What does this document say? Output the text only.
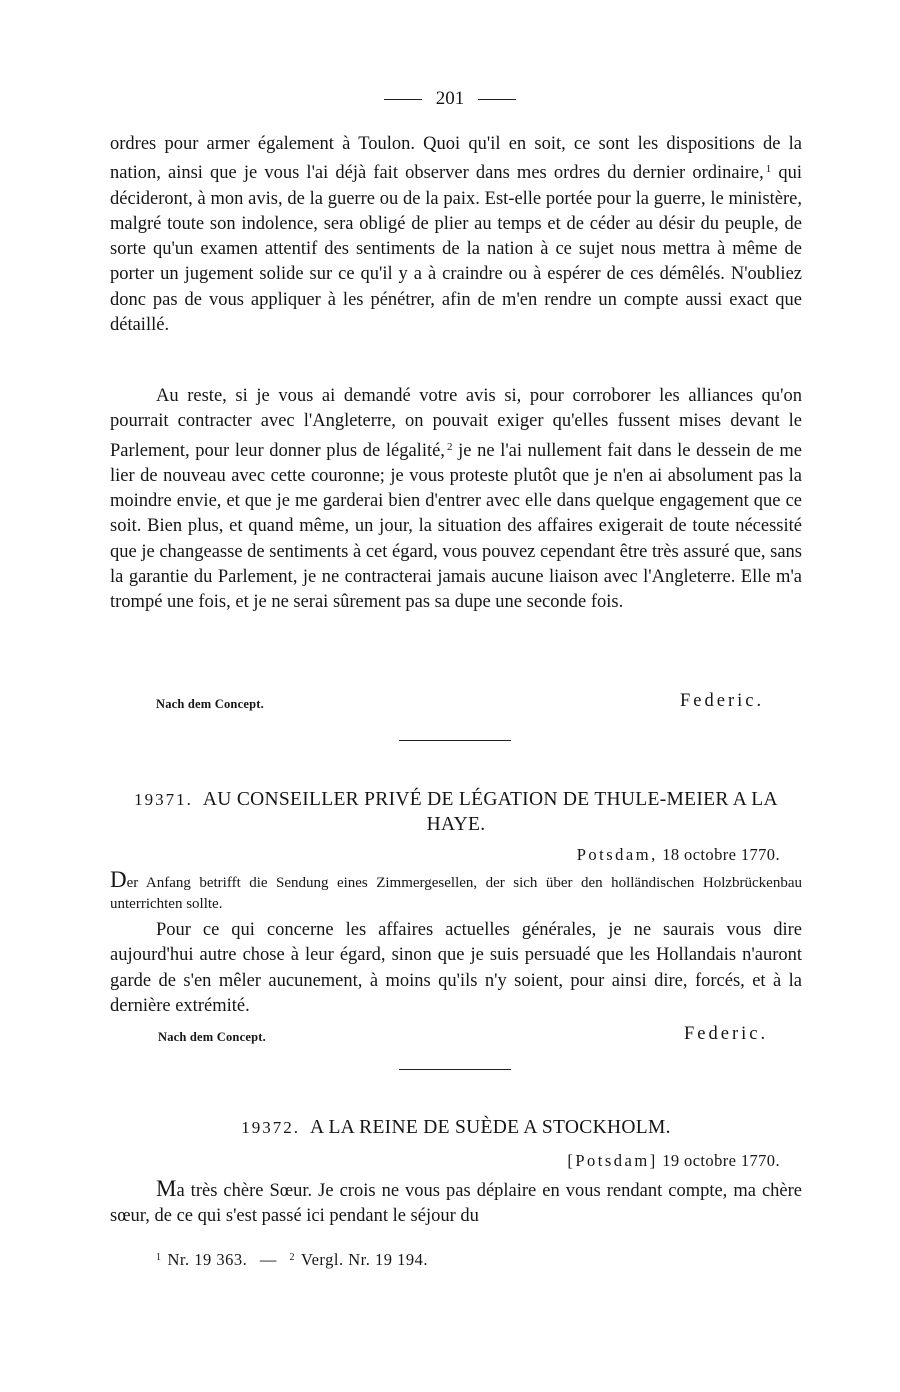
201

ordres pour armer également à Toulon. Quoi qu'il en soit, ce sont les dispositions de la nation, ainsi que je vous l'ai déjà fait observer dans mes ordres du dernier ordinaire, $^1$ qui décideront, à mon avis, de la guerre ou de la paix. Est-elle portée pour la guerre, le ministère, malgré toute son indolence, sera obligé de plier au temps et de céder au désir du peuple, de sorte qu'un examen attentif des sentiments de la nation à ce sujet nous mettra à même de porter un jugement solide sur ce qu'il y a à craindre ou à espérer de ces démêlés. N'oubliez donc pas de vous appliquer à les pénétrer, afin de m'en rendre un compte aussi exact que détaillé.

Au reste, si je vous ai demandé votre avis si, pour corroborer les alliances qu'on pourrait contracter avec l'Angleterre, on pouvait exiger qu'elles fussent mises devant le Parlement, pour leur donner plus de légalité, $^2$ je ne l'ai nullement fait dans le dessein de me lier de nouveau avec cette couronne; je vous proteste plutôt que je n'en ai absolument pas la moindre envie, et que je me garderai bien d'entrer avec elle dans quelque engagement que ce soit. Bien plus, et quand même, un jour, la situation des affaires exigerait de toute nécessité que je changeasse de sentiments à cet égard, vous pouvez cependant être très assuré que, sans la garantie du Parlement, je ne contracterai jamais aucune liaison avec l'Angleterre. Elle m'a trompé une fois, et je ne serai sûrement pas sa dupe une seconde fois.

Nach dem Concept.	Federic.
19371. AU CONSEILLER PRIVÉ DE LÉGATION DE THULE-MEIER A LA HAYE.
Potsdam, 18 octobre 1770.

Der Anfang betrifft die Sendung eines Zimmergesellen, der sich über den holländischen Holzbrückenbau unterrichten sollte.

Pour ce qui concerne les affaires actuelles générales, je ne saurais vous dire aujourd'hui autre chose à leur égard, sinon que je suis persuadé que les Hollandais n'auront garde de s'en mêler aucunement, à moins qu'ils n'y soient, pour ainsi dire, forcés, et à la dernière extrémité.

Nach dem Concept.	Federic.
19372. A LA REINE DE SUÈDE A STOCKHOLM.
[Potsdam] 19 octobre 1770.

Ma très chère Sœur. Je crois ne vous pas déplaire en vous rendant compte, ma chère sœur, de ce qui s'est passé ici pendant le séjour du

$^1$ Nr. 19 363. — $^2$ Vergl. Nr. 19 194.
